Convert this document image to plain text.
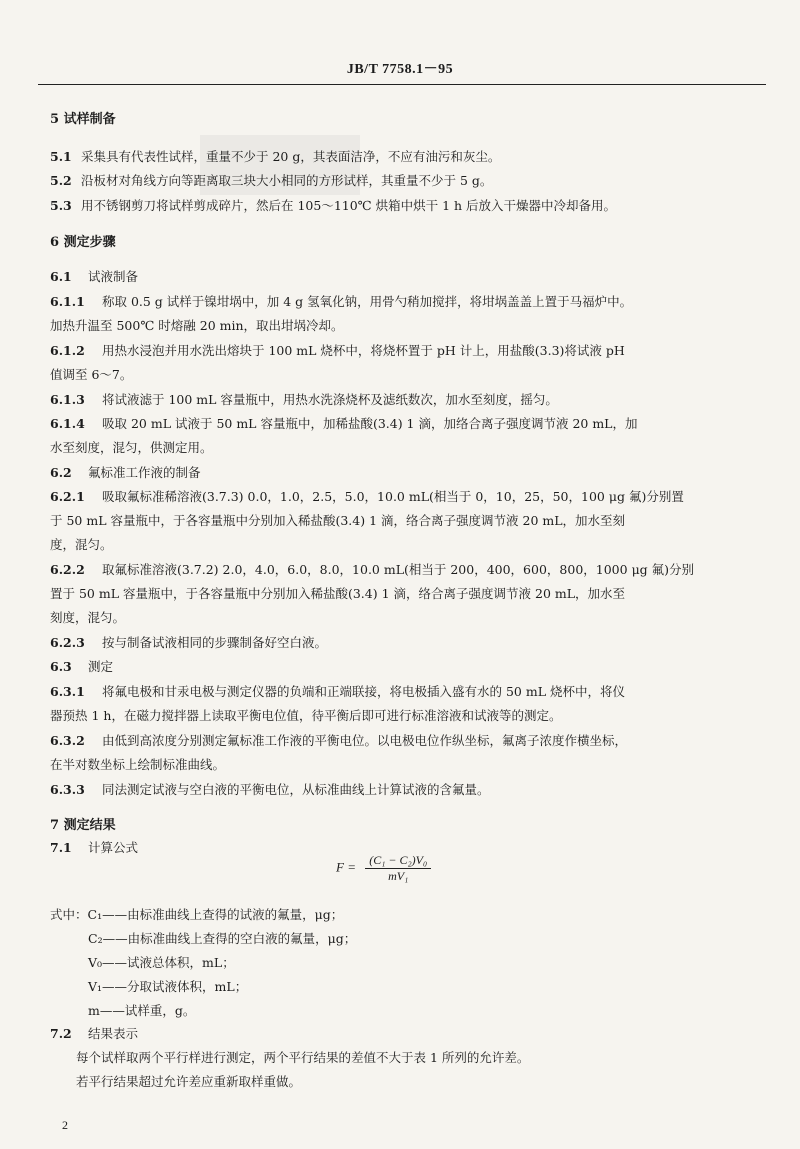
JB/T 7758.1－95
5 试样制备
5.1 采集具有代表性试样，重量不少于 20 g，其表面洁净，不应有油污和灰尘。
5.2 沿板材对角线方向等距离取三块大小相同的方形试样，其重量不少于 5 g。
5.3 用不锈钢剪刀将试样剪成碎片，然后在 105～110℃ 烘箱中烘干 1 h 后放入干燥器中冷却备用。
6 测定步骤
6.1 试液制备
6.1.1 称取 0.5 g 试样于镍坩埚中，加 4 g 氢氧化钠，用骨勺稍加搅拌，将坩埚盖盖上置于马福炉中。
加热升温至 500℃ 时熔融 20 min，取出坩埚冷却。
6.1.2 用热水浸泡并用水洗出熔块于 100 mL 烧杯中，将烧杯置于 pH 计上，用盐酸(3.3)将试液 pH
值调至 6～7。
6.1.3 将试液滤于 100 mL 容量瓶中，用热水洗涤烧杯及滤纸数次，加水至刻度，摇匀。
6.1.4 吸取 20 mL 试液于 50 mL 容量瓶中，加稀盐酸(3.4) 1 滴，加络合离子强度调节液 20 mL，加
水至刻度，混匀，供测定用。
6.2 氟标准工作液的制备
6.2.1 吸取氟标准稀溶液(3.7.3) 0.0，1.0，2.5，5.0，10.0 mL(相当于 0，10，25，50，100 μg 氟)分别置
于 50 mL 容量瓶中，于各容量瓶中分别加入稀盐酸(3.4) 1 滴，络合离子强度调节液 20 mL，加水至刻
度，混匀。
6.2.2 取氟标准溶液(3.7.2) 2.0，4.0，6.0，8.0，10.0 mL(相当于 200，400，600，800，1000 μg 氟)分别
置于 50 mL 容量瓶中，于各容量瓶中分别加入稀盐酸(3.4) 1 滴，络合离子强度调节液 20 mL，加水至
刻度，混匀。
6.2.3 按与制备试液相同的步骤制备好空白液。
6.3 测定
6.3.1 将氟电极和甘汞电极与测定仪器的负端和正端联接，将电极插入盛有水的 50 mL 烧杯中，将仪
器预热 1 h，在磁力搅拌器上读取平衡电位值，待平衡后即可进行标准溶液和试液等的测定。
6.3.2 由低到高浓度分别测定氟标准工作液的平衡电位。以电极电位作纵坐标，氟离子浓度作横坐标，
在半对数坐标上绘制标准曲线。
6.3.3 同法测定试液与空白液的平衡电位，从标准曲线上计算试液的含氟量。
7 测定结果
7.1 计算公式
$F = \frac{\text{(C₁ − C₂)V₀}}{\text{mV₁}}$
式中：C₁——由标准曲线上查得的试液的氟量，μg；
C₂——由标准曲线上查得的空白液的氟量，μg；
V₀——试液总体积，mL；
V₁——分取试液体积，mL；
m——试样重，g。
7.2 结果表示
每个试样取两个平行样进行测定，两个平行结果的差值不大于表 1 所列的允许差。
若平行结果超过允许差应重新取样重做。
2
